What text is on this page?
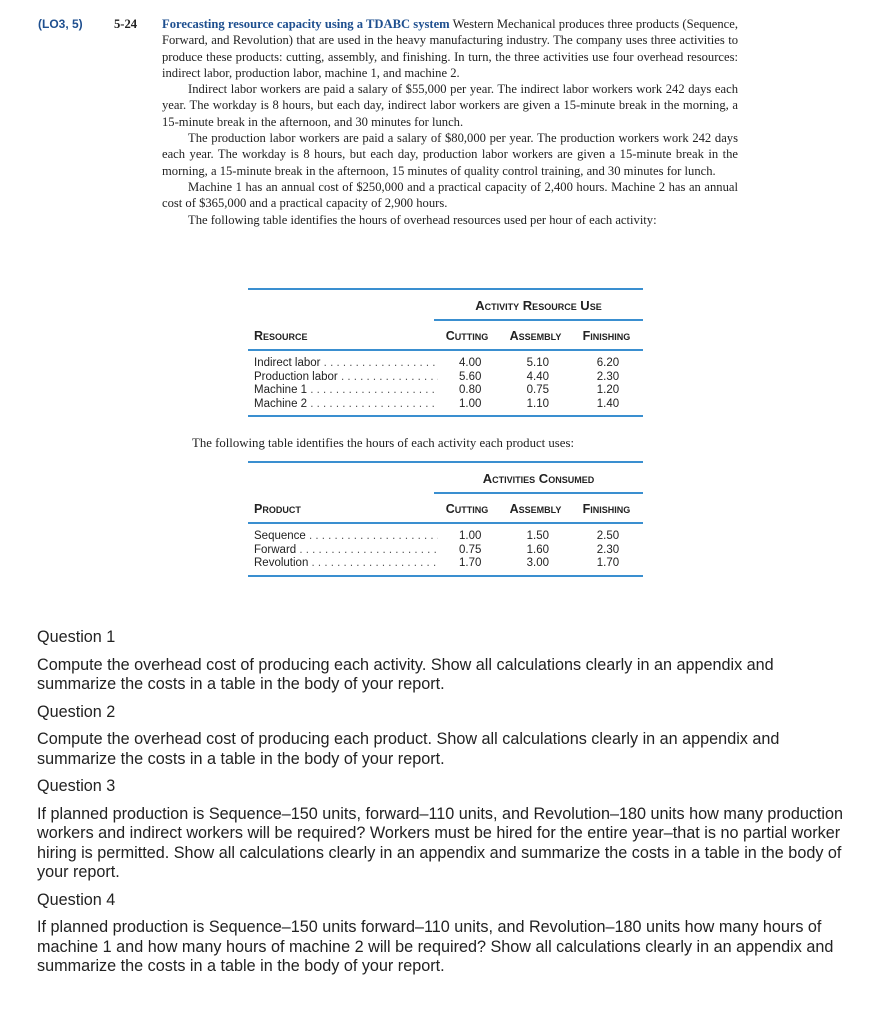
(LO3, 5) 5-24 Forecasting resource capacity using a TDABC system Western Mechanical produces three products (Sequence, Forward, and Revolution) that are used in the heavy manufacturing industry. The company uses three activities to produce these products: cutting, assembly, and finishing. In turn, the three activities use four overhead resources: indirect labor, production labor, machine 1, and machine 2.

Indirect labor workers are paid a salary of $55,000 per year. The indirect labor workers work 242 days each year. The workday is 8 hours, but each day, indirect labor workers are given a 15-minute break in the morning, a 15-minute break in the afternoon, and 30 minutes for lunch.

The production labor workers are paid a salary of $80,000 per year. The production workers work 242 days each year. The workday is 8 hours, but each day, production labor workers are given a 15-minute break in the morning, a 15-minute break in the afternoon, 15 minutes of quality control training, and 30 minutes for lunch.

Machine 1 has an annual cost of $250,000 and a practical capacity of 2,400 hours. Machine 2 has an annual cost of $365,000 and a practical capacity of 2,900 hours.

The following table identifies the hours of overhead resources used per hour of each activity:

Activity Resource Use
Resource	Cutting	Assembly	Finishing
Indirect labor . . .	4.00	5.10	6.20
Production labor . . .	5.60	4.40	2.30
Machine 1 . . .	0.80	0.75	1.20
Machine 2 . . .	1.00	1.10	1.40
The following table identifies the hours of each activity each product uses:
Activities Consumed
Product	Cutting	Assembly	Finishing
Sequence . . .	1.00	1.50	2.50
Forward . . .	0.75	1.60	2.30
Revolution . . .	1.70	3.00	1.70
Question 1
Compute the overhead cost of producing each activity. Show all calculations clearly in an appendix and summarize the costs in a table in the body of your report.
Question 2
Compute the overhead cost of producing each product. Show all calculations clearly in an appendix and summarize the costs in a table in the body of your report.
Question 3
If planned production is Sequence–150 units, forward–110 units, and Revolution–180 units how many production workers and indirect workers will be required? Workers must be hired for the entire year–that is no partial worker hiring is permitted. Show all calculations clearly in an appendix and summarize the costs in a table in the body of your report.
Question 4
If planned production is Sequence–150 units forward–110 units, and Revolution–180 units how many hours of machine 1 and how many hours of machine 2 will be required? Show all calculations clearly in an appendix and summarize the costs in a table in the body of your report.
